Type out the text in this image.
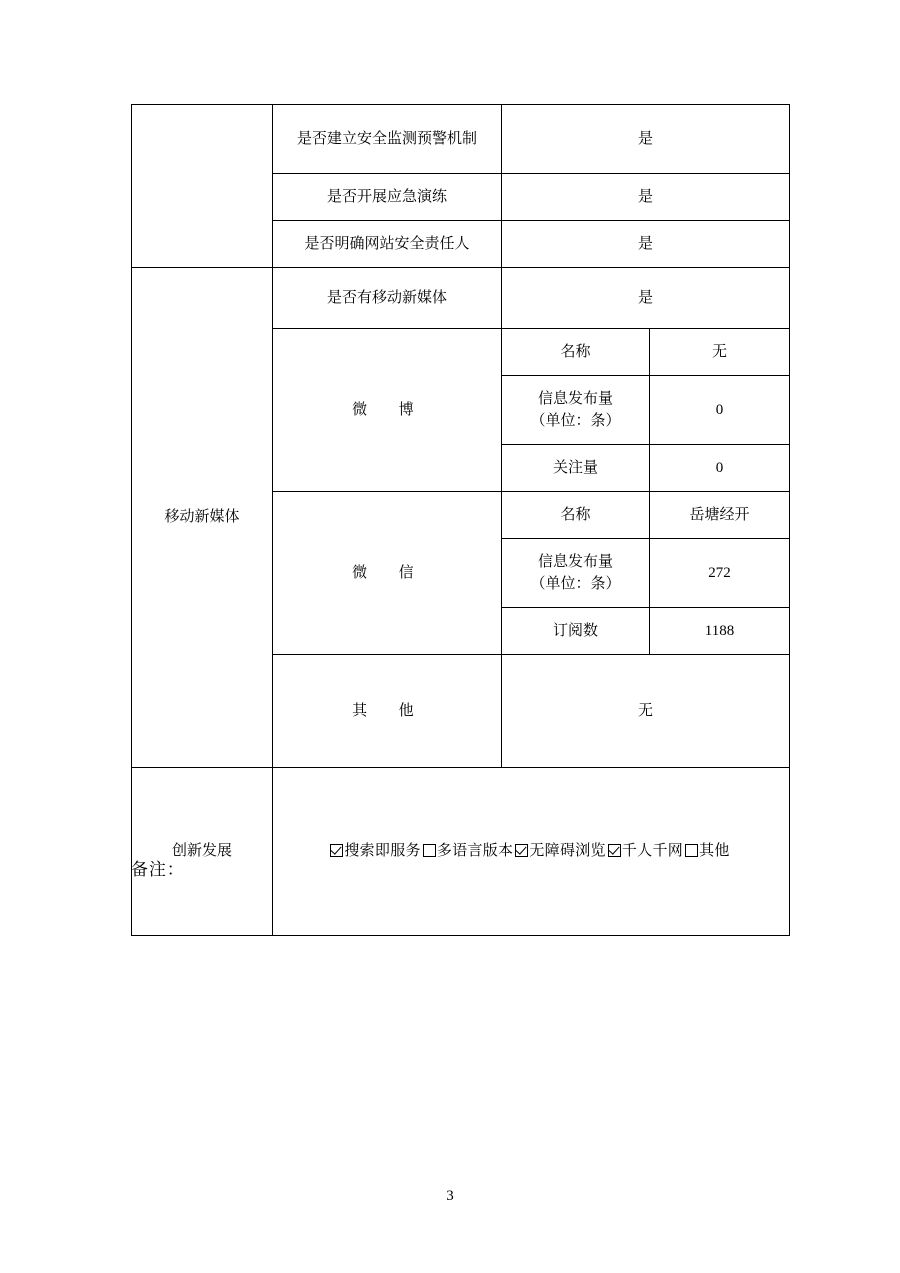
	是否建立安全监测预警机制	是	
	是否开展应急演练	是	
	是否明确网站安全责任人	是	
移动新媒体	是否有移动新媒体	是	
	微　博	名称	无
		信息发布量
（单位：条）	0
		关注量	0
	微　信	名称	岳塘经开
		信息发布量
（单位：条）	272
		订阅数	1188
	其　他	无	
创新发展	搜索即服务 多语言版本 无障碍浏览 千人千网 其他		
备注：
3
